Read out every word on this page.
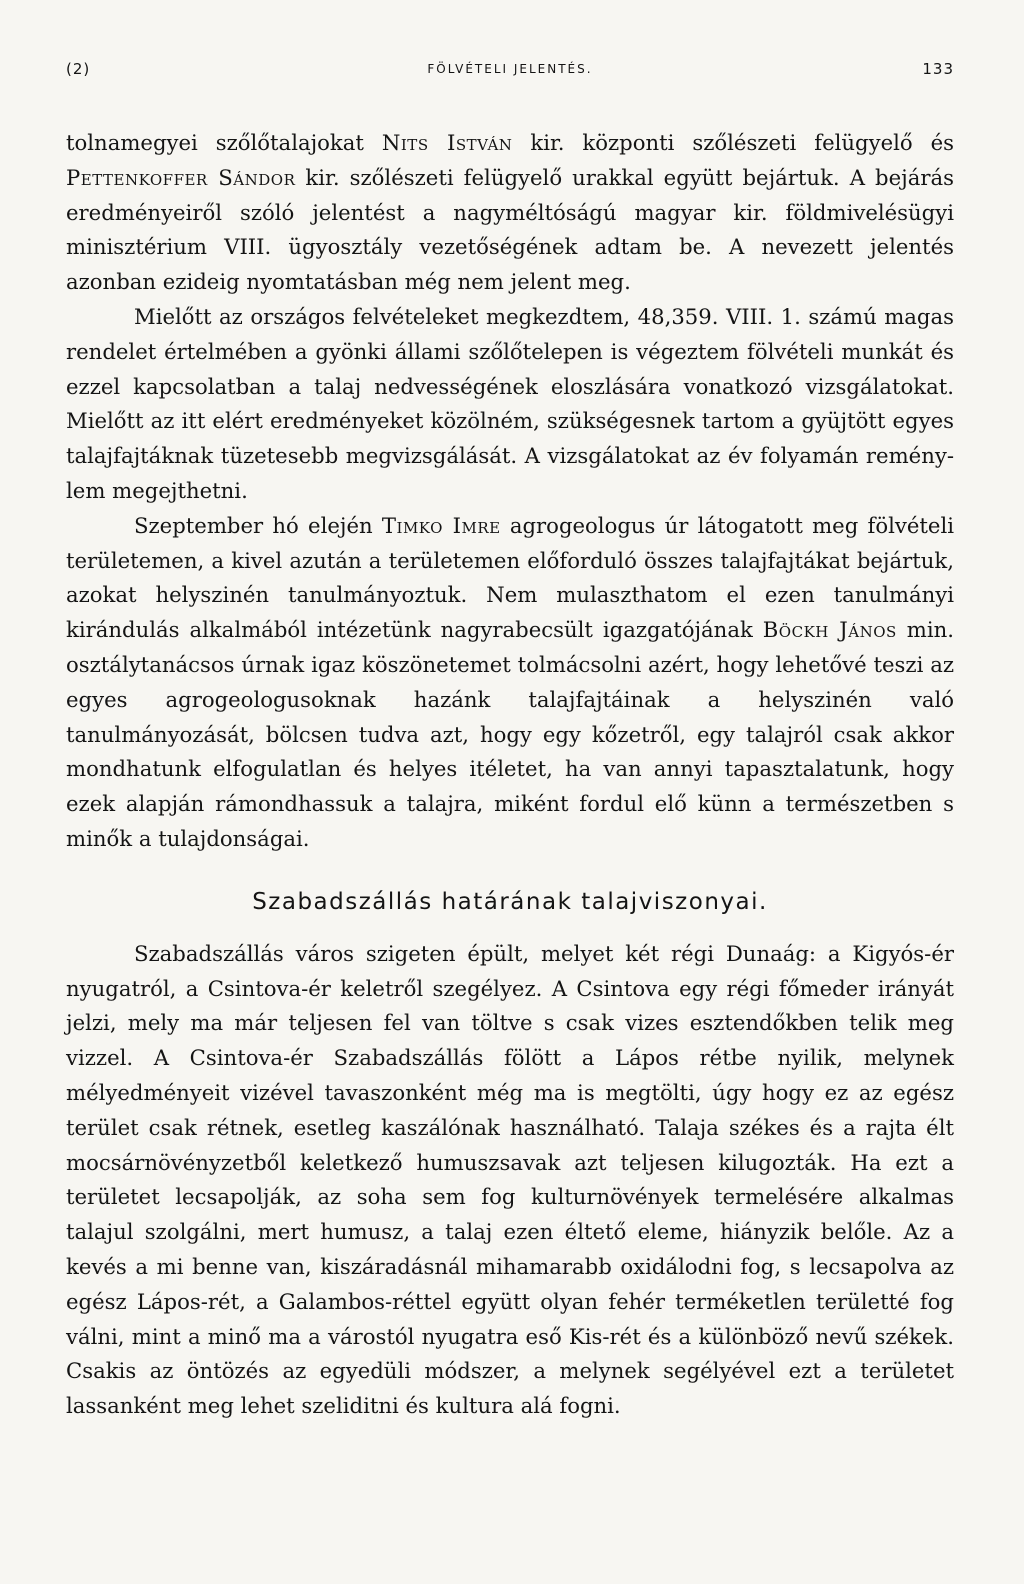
(2)	FÖLVÉTELI JELENTÉS.	133

tolnamegyei szőlőtalajokat Nits István kir. központi szőlészeti felügyelő és Pettenkoffer Sándor kir. szőlészeti felügyelő urakkal együtt bejártuk. A bejárás eredményeiről szóló jelentést a nagyméltóságú magyar kir. földmivelésügyi minisztérium VIII. ügyosztály vezetőségének adtam be. A nevezett jelentés azonban ezideig nyomtatásban még nem jelent meg.

Mielőtt az országos felvételeket megkezdtem, 48,359. VIII. 1. számú magas rendelet értelmében a gyönki állami szőlőtelepen is végeztem fölvételi munkát és ezzel kapcsolatban a talaj nedvességének eloszlására vonatkozó vizsgálatokat. Mielőtt az itt elért eredményeket közölném, szükségesnek tartom a gyüjtött egyes talajfajtáknak tüzetesebb megvizsgálását. A vizsgálatokat az év folyamán reménylem megejthetni.

Szeptember hó elején Timko Imre agrogeologus úr látogatott meg fölvételi területemen, a kivel azután a területemen előforduló összes talajfajtákat bejártuk, azokat helyszinén tanulmányoztuk. Nem mulaszthatom el ezen tanulmányi kirándulás alkalmából intézetünk nagyrabecsült igazgatójának Böckh János min. osztálytanácsos úrnak igaz köszönetemet tolmácsolni azért, hogy lehetővé teszi az egyes agrogeologusoknak hazánk talajfajtáinak a helyszinén való tanulmányozását, bölcsen tudva azt, hogy egy kőzetről, egy talajról csak akkor mondhatunk elfogulatlan és helyes itéletet, ha van annyi tapasztalatunk, hogy ezek alapján rámondhassuk a talajra, miként fordul elő künn a természetben s minők a tulajdonságai.

Szabadszállás határának talajviszonyai.

Szabadszállás város szigeten épült, melyet két régi Dunaág: a Kigyós-ér nyugatról, a Csintova-ér keletről szegélyez. A Csintova egy régi főmeder irányát jelzi, mely ma már teljesen fel van töltve s csak vizes esztendőkben telik meg vizzel. A Csintova-ér Szabadszállás fölött a Lápos rétbe nyilik, melynek mélyedményeit vizével tavaszonként még ma is megtölti, úgy hogy ez az egész terület csak rétnek, esetleg kaszálónak használható. Talaja székes és a rajta élt mocsárnövényzetből keletkező humuszsavak azt teljesen kilugozták. Ha ezt a területet lecsapolják, az soha sem fog kulturnövények termelésére alkalmas talajul szolgálni, mert humusz, a talaj ezen éltető eleme, hiányzik belőle. Az a kevés a mi benne van, kiszáradásnál mihamarabb oxidálodni fog, s lecsapolva az egész Lápos-rét, a Galambos-réttel együtt olyan fehér terméketlen területté fog válni, mint a minő ma a várostól nyugatra eső Kis-rét és a különböző nevű székek. Csakis az öntözés az egyedüli módszer, a melynek segélyével ezt a területet lassanként meg lehet szeliditni és kultura alá fogni.
